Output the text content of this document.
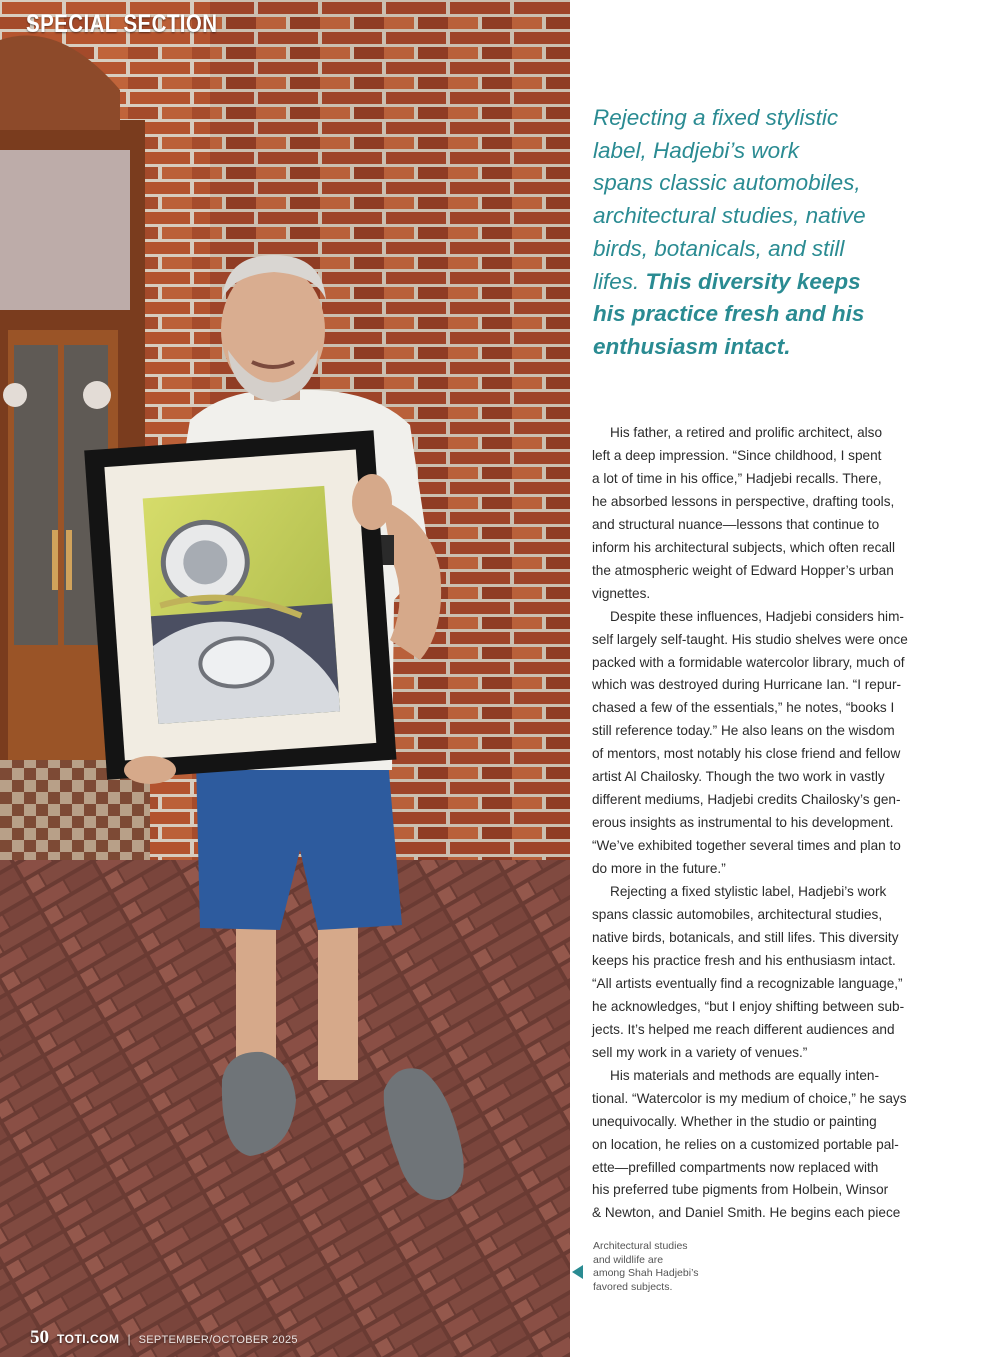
SPECIAL SECTION
50 TOTI.COM | SEPTEMBER/OCTOBER 2025
Rejecting a fixed stylistic
label, Hadjebi’s work
spans classic automobiles,
architectural studies, native
birds, botanicals, and still
lifes. This diversity keeps
his practice fresh and his
enthusiasm intact.

His father, a retired and prolific architect, also
left a deep impression. “Since childhood, I spent
a lot of time in his office,” Hadjebi recalls. There,
he absorbed lessons in perspective, drafting tools,
and structural nuance—lessons that continue to
inform his architectural subjects, which often recall
the atmospheric weight of Edward Hopper’s urban
vignettes.

Despite these influences, Hadjebi considers him-
self largely self-taught. His studio shelves were once
packed with a formidable watercolor library, much of
which was destroyed during Hurricane Ian. “I repur-
chased a few of the essentials,” he notes, “books I
still reference today.” He also leans on the wisdom
of mentors, most notably his close friend and fellow
artist Al Chailosky. Though the two work in vastly
different mediums, Hadjebi credits Chailosky’s gen-
erous insights as instrumental to his development.
“We’ve exhibited together several times and plan to
do more in the future.”

Rejecting a fixed stylistic label, Hadjebi’s work
spans classic automobiles, architectural studies,
native birds, botanicals, and still lifes. This diversity
keeps his practice fresh and his enthusiasm intact.
“All artists eventually find a recognizable language,”
he acknowledges, “but I enjoy shifting between sub-
jects. It’s helped me reach different audiences and
sell my work in a variety of venues.”

His materials and methods are equally inten-
tional. “Watercolor is my medium of choice,” he says
unequivocally. Whether in the studio or painting
on location, he relies on a customized portable pal-
ette—prefilled compartments now replaced with
his preferred tube pigments from Holbein, Winsor
& Newton, and Daniel Smith. He begins each piece

Architectural studies
and wildlife are
among Shah Hadjebi’s
favored subjects.
